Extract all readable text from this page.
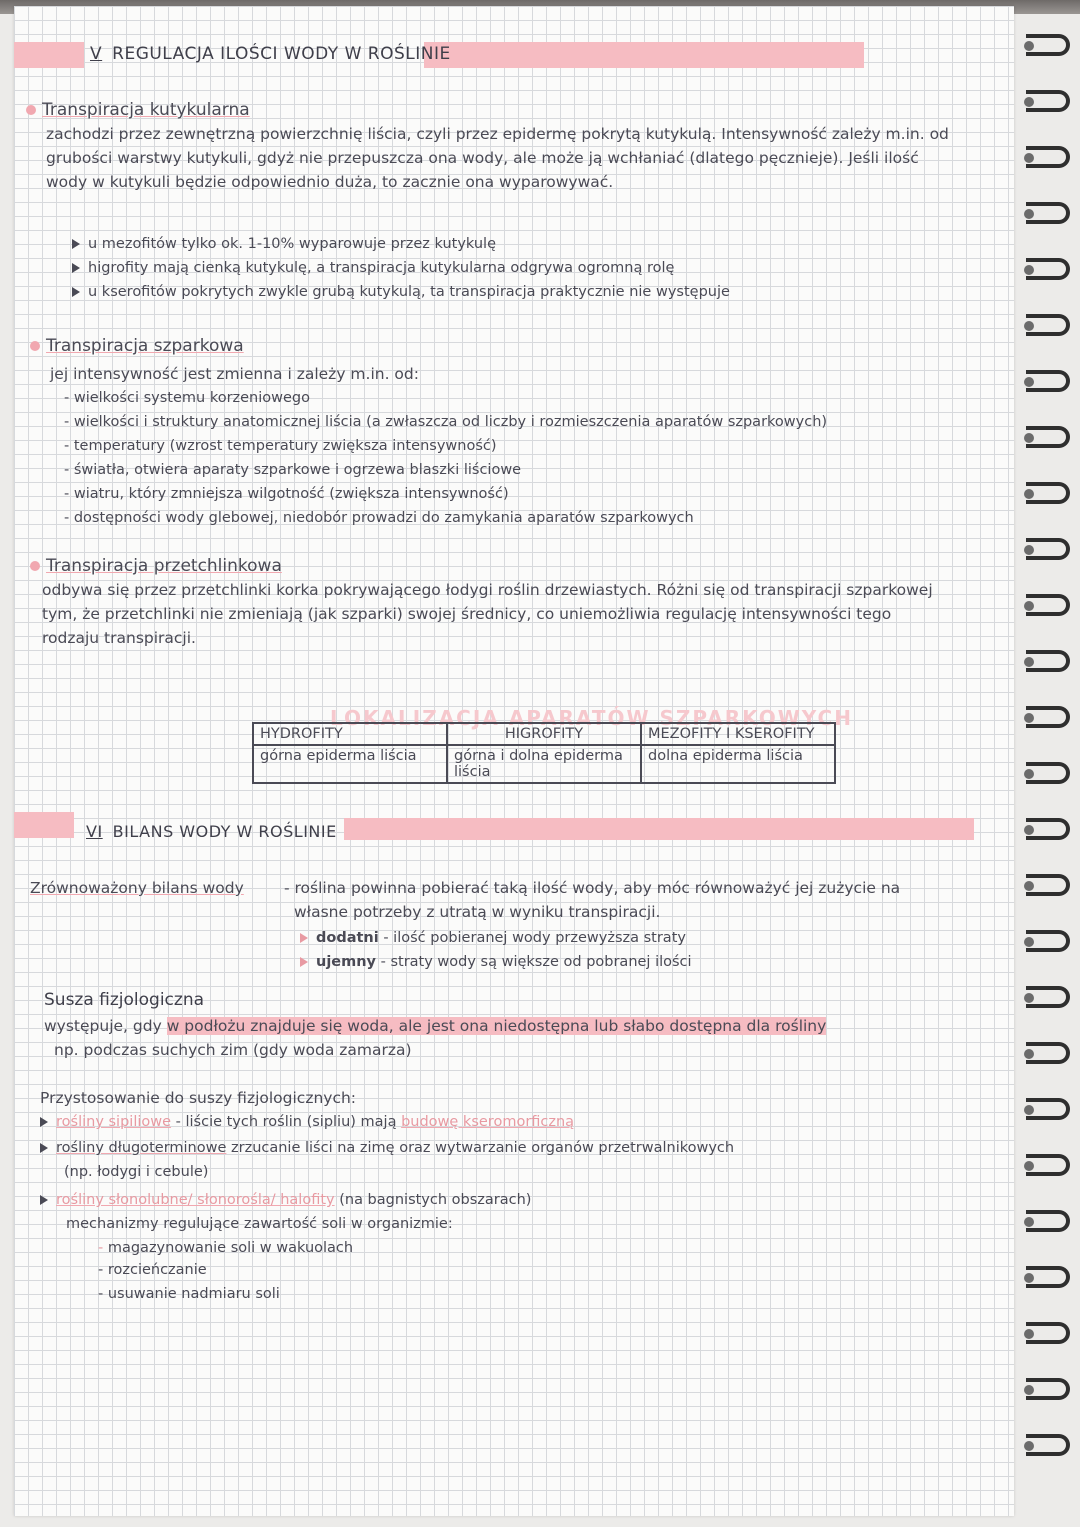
V REGULACJA ILOŚCI WODY W ROŚLINIE
Transpiracja kutykularna
zachodzi przez zewnętrzną powierzchnię liścia, czyli przez epidermę pokrytą kutykulą. Intensywność zależy m.in. od
grubości warstwy kutykuli, gdyż nie przepuszcza ona wody, ale może ją wchłaniać (dlatego pęcznieje). Jeśli ilość
wody w kutykuli będzie odpowiednio duża, to zacznie ona wyparowywać.
u mezofitów tylko ok. 1-10% wyparowuje przez kutykulę
higrofity mają cienką kutykulę, a transpiracja kutykularna odgrywa ogromną rolę
u kserofitów pokrytych zwykle grubą kutykulą, ta transpiracja praktycznie nie występuje
Transpiracja szparkowa
jej intensywność jest zmienna i zależy m.in. od:
- wielkości systemu korzeniowego
- wielkości i struktury anatomicznej liścia (a zwłaszcza od liczby i rozmieszczenia aparatów szparkowych)
- temperatury (wzrost temperatury zwiększa intensywność)
- światła, otwiera aparaty szparkowe i ogrzewa blaszki liściowe
- wiatru, który zmniejsza wilgotność (zwiększa intensywność)
- dostępności wody glebowej, niedobór prowadzi do zamykania aparatów szparkowych
Transpiracja przetchlinkowa
odbywa się przez przetchlinki korka pokrywającego łodygi roślin drzewiastych. Różni się od transpiracji szparkowej
tym, że przetchlinki nie zmieniają (jak szparki) swojej średnicy, co uniemożliwia regulację intensywności tego
rodzaju transpiracji.
LOKALIZACJA APARATÓW SZPARKOWYCH
HYDROFITY	HIGROFITY	MEZOFITY I KSEROFITY
górna epiderma liścia	górna i dolna epiderma liścia	dolna epiderma liścia
VI BILANS WODY W ROŚLINIE
Zrównoważony bilans wody	- roślina powinna pobierać taką ilość wody, aby móc równoważyć jej zużycie na
własne potrzeby z utratą w wyniku transpiracji.
dodatni - ilość pobieranej wody przewyższa straty
ujemny - straty wody są większe od pobranej ilości
Susza fizjologiczna
występuje, gdy w podłożu znajduje się woda, ale jest ona niedostępna lub słabo dostępna dla rośliny
np. podczas suchych zim (gdy woda zamarza)
Przystosowanie do suszy fizjologicznych:
rośliny sipiliowe - liście tych roślin (sipliu) mają budowę kseromorficzną
rośliny długoterminowe zrzucanie liści na zimę oraz wytwarzanie organów przetrwalnikowych
(np. łodygi i cebule)
rośliny słonolubne/ słonorośla/ halofity (na bagnistych obszarach)
mechanizmy regulujące zawartość soli w organizmie:
- magazynowanie soli w wakuolach
- rozcieńczanie
- usuwanie nadmiaru soli
